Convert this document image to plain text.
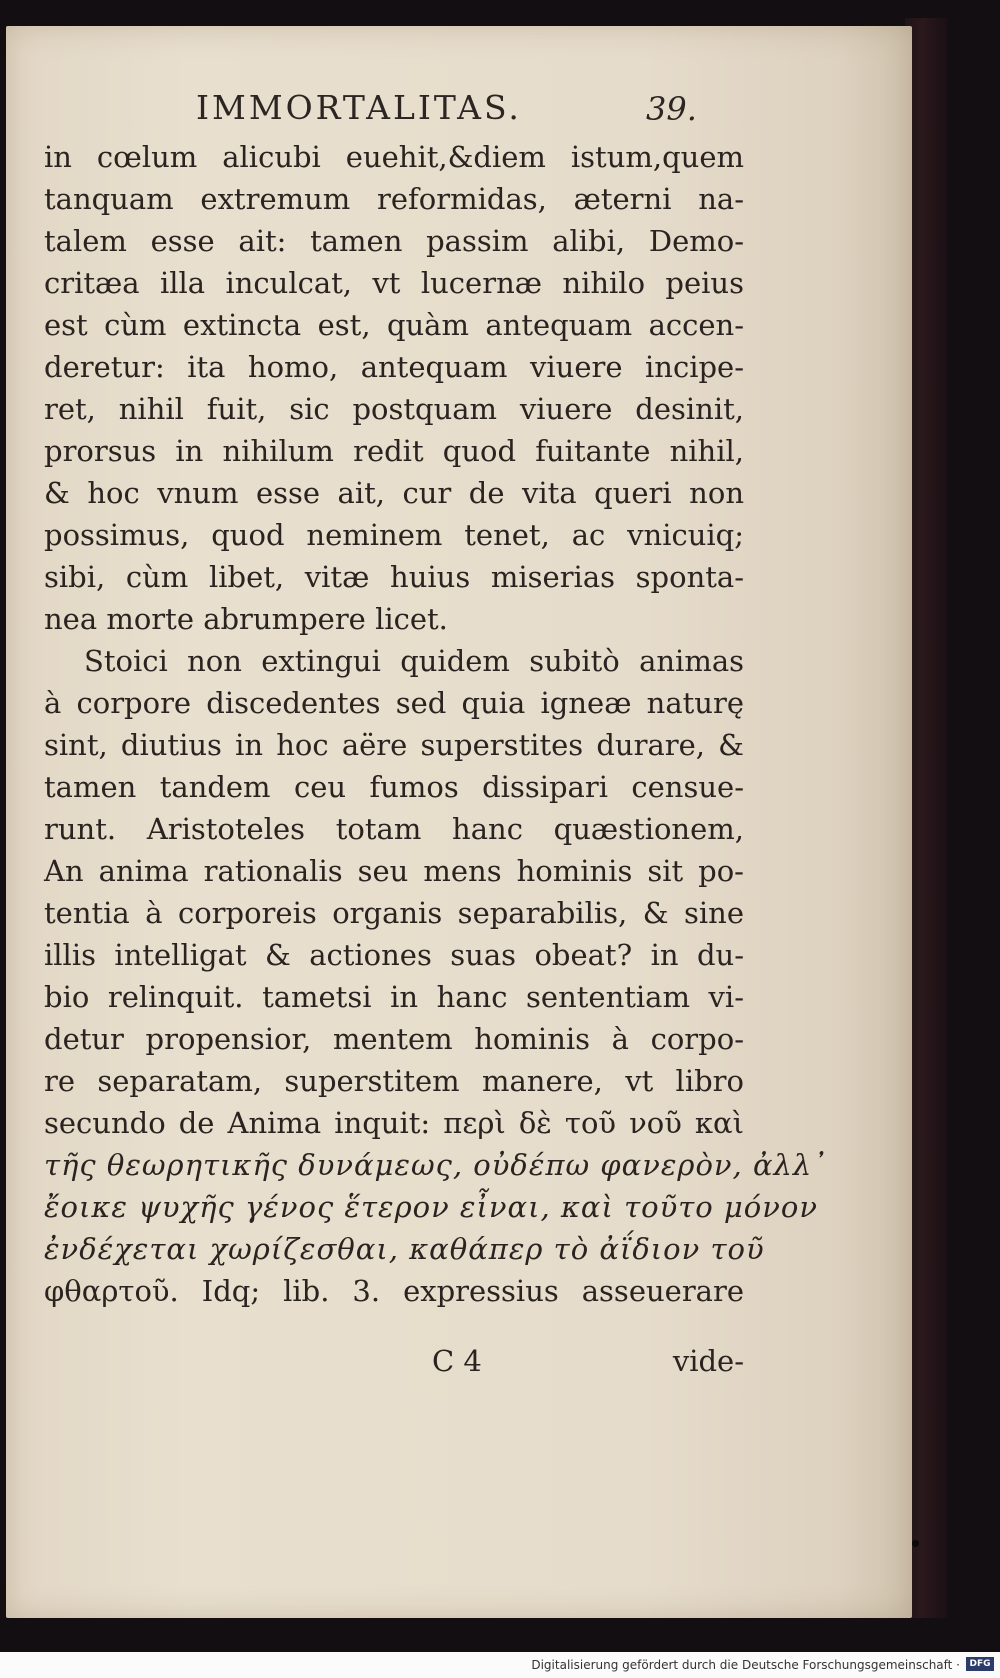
IMMORTALITAS.	39.
in cœlum alicubi euehit,&diem istum,quem
tanquam extremum reformidas, æterni na-
talem esse ait: tamen passim alibi, Demo-
critæa illa inculcat, vt lucernæ nihilo peius
est cùm extincta est, quàm antequam accen-
deretur: ita homo, antequam viuere incipe-
ret, nihil fuit, sic postquam viuere desinit,
prorsus in nihilum redit quod fuitante nihil,
& hoc vnum esse ait, cur de vita queri non
possimus, quod neminem tenet, ac vnicuiq;
sibi, cùm libet, vitæ huius miserias sponta-
nea morte abrumpere licet.
Stoici non extingui quidem subitò animas
à corpore discedentes sed quia igneæ naturę
sint, diutius in hoc aëre superstites durare, &
tamen tandem ceu fumos dissipari censue-
runt. Aristoteles totam hanc quæstionem,
An anima rationalis seu mens hominis sit po-
tentia à corporeis organis separabilis, & sine
illis intelligat & actiones suas obeat? in du-
bio relinquit. tametsi in hanc sententiam vi-
detur propensior, mentem hominis à corpo-
re separatam, superstitem manere, vt libro
secundo de Anima inquit: περὶ δὲ τοῦ νοῦ καὶ
τῆς θεωρητικῆς δυνάμεως, οὐδέπω φανερὸν, ἀλλ᾽
ἔοικε ψυχῆς γένος ἕτερον εἶναι, καὶ τοῦτο μόνον
ἐνδέχεται χωρίζεσθαι, καθάπερ τὸ ἀΐδιον τοῦ
φθαρτοῦ. Idq; lib. 3. expressius asseuerare
C 4	vide-
Digitalisierung gefördert durch die Deutsche Forschungsgemeinschaft ·	DFG
